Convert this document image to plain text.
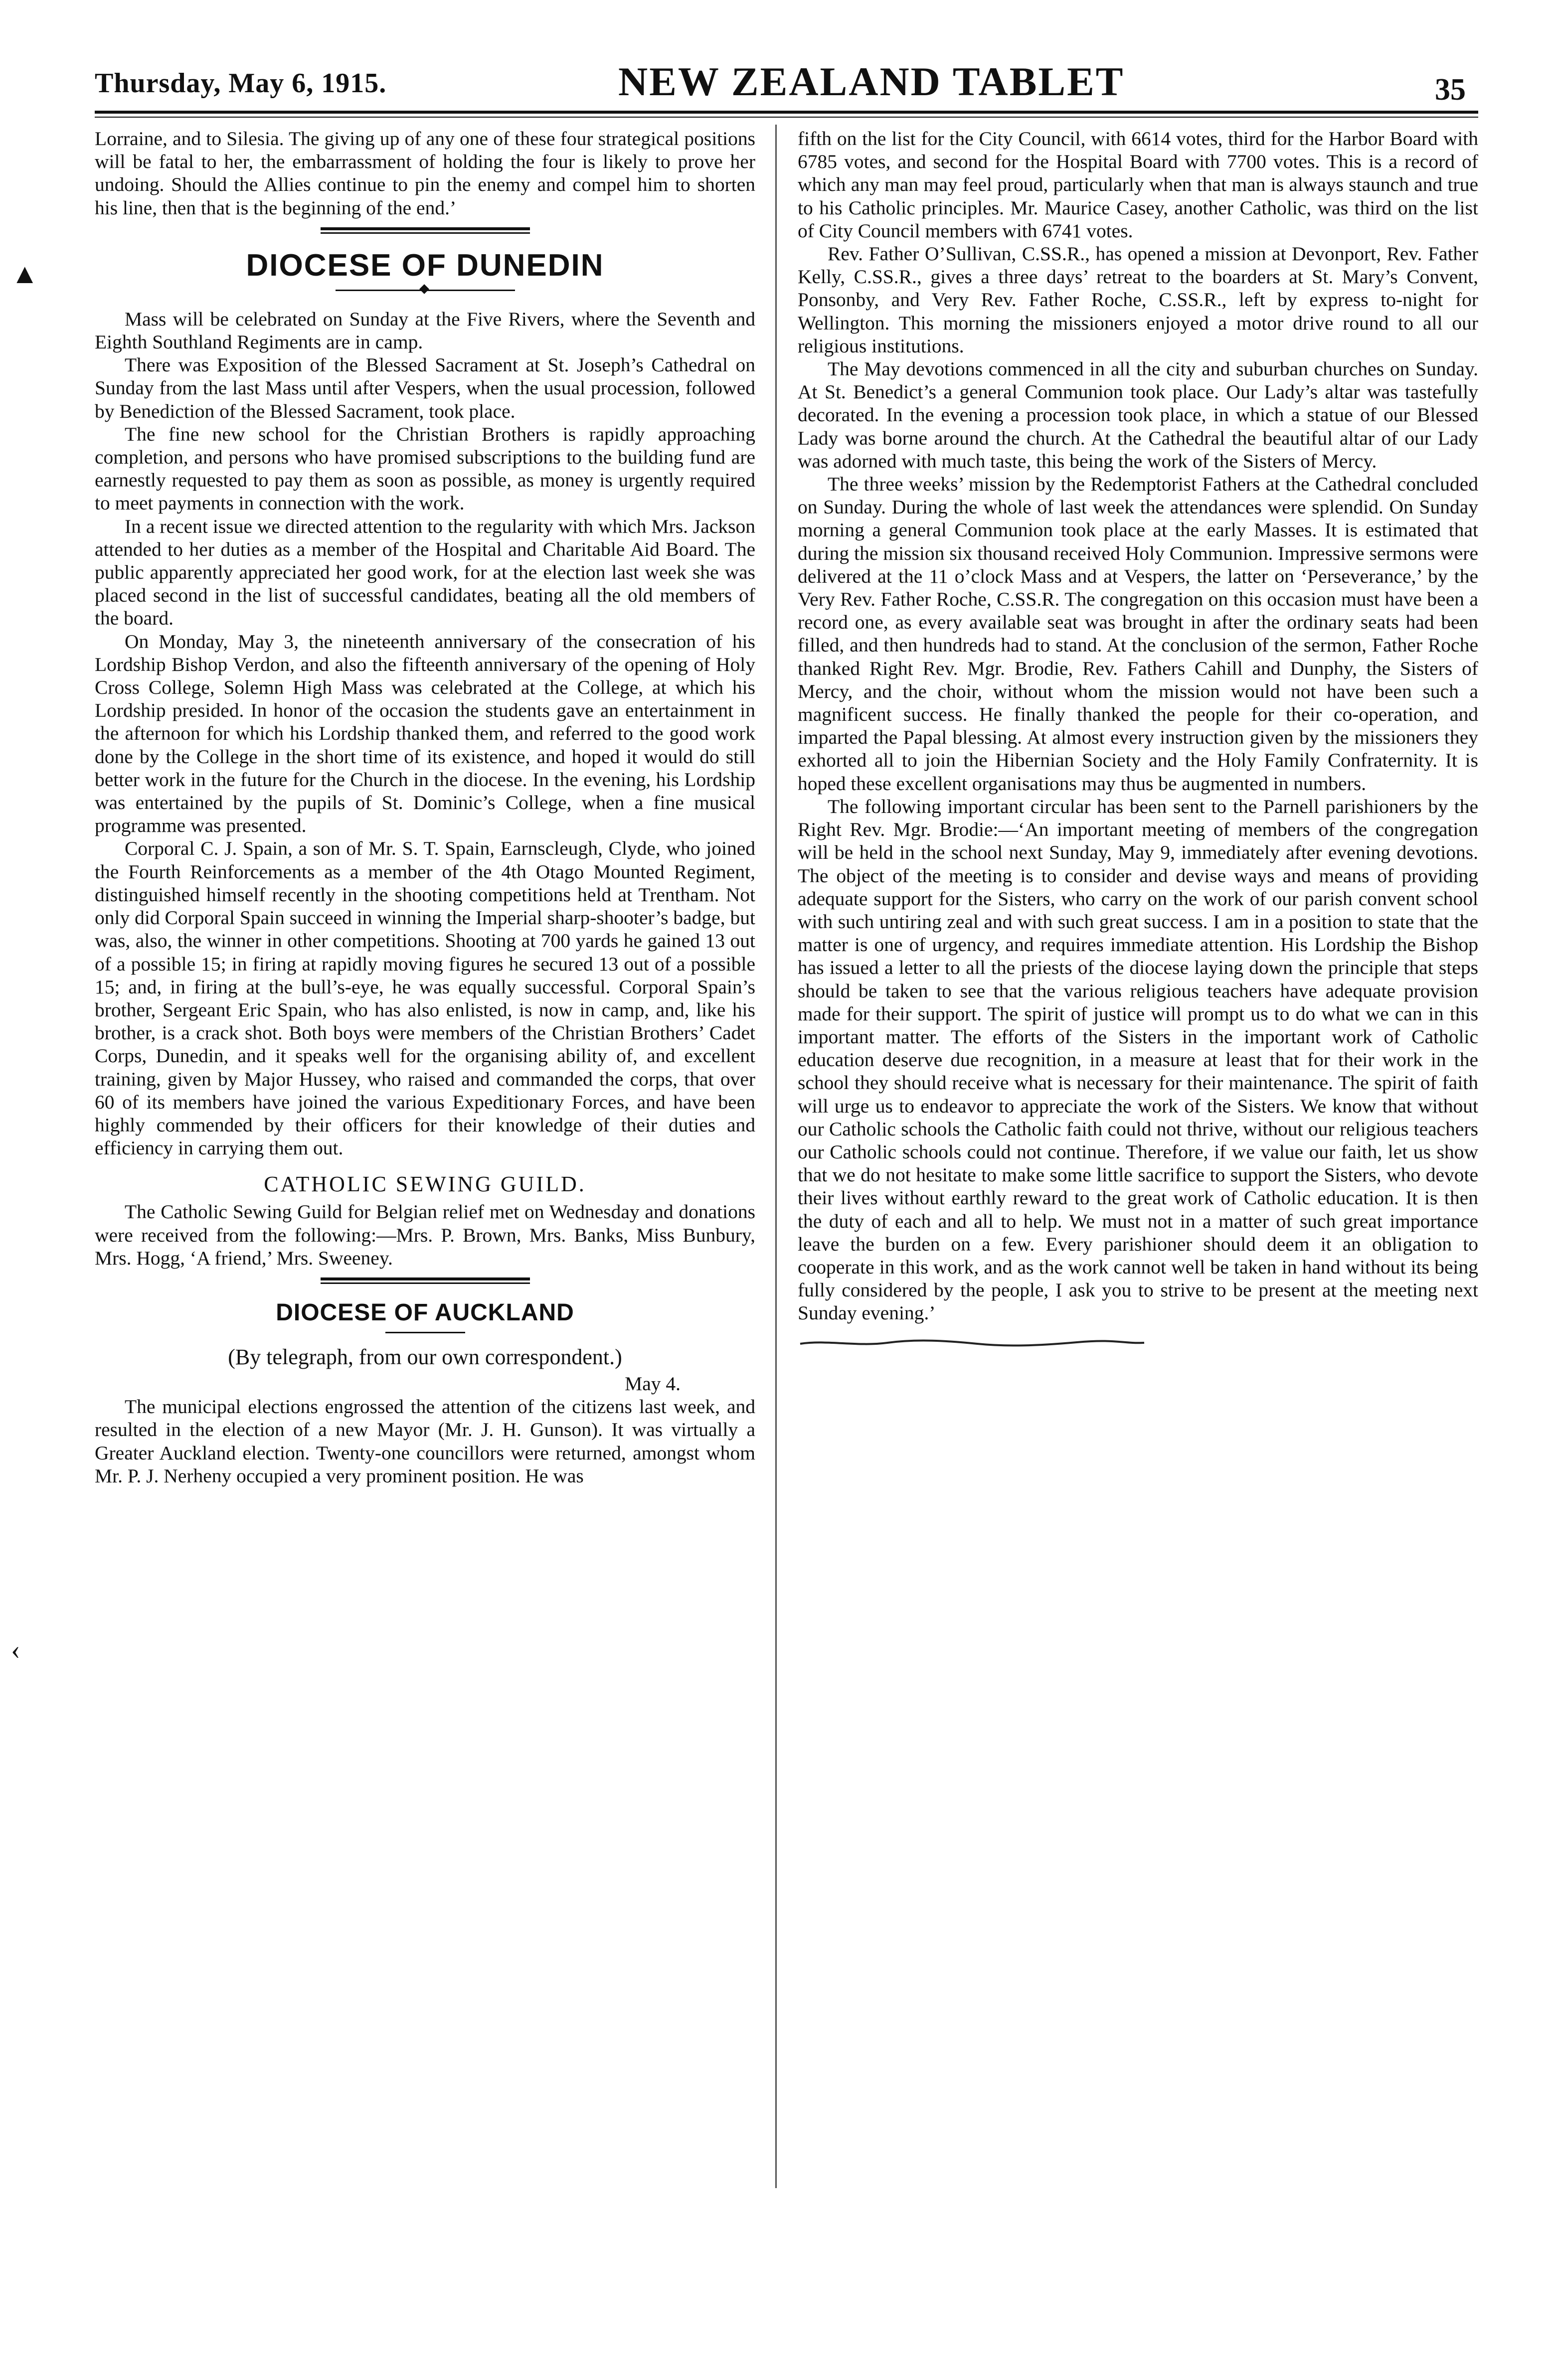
Thursday, May 6, 1915.	NEW ZEALAND TABLET	35
▲
‹

Lorraine, and to Silesia. The giving up of any one of these four strategical positions will be fatal to her, the embarrassment of holding the four is likely to prove her undoing. Should the Allies continue to pin the enemy and compel him to shorten his line, then that is the beginning of the end.’

DIOCESE OF DUNEDIN

Mass will be celebrated on Sunday at the Five Rivers, where the Seventh and Eighth Southland Regiments are in camp.

There was Exposition of the Blessed Sacrament at St. Joseph’s Cathedral on Sunday from the last Mass until after Vespers, when the usual procession, followed by Benediction of the Blessed Sacrament, took place.

The fine new school for the Christian Brothers is rapidly approaching completion, and persons who have promised subscriptions to the building fund are earnestly requested to pay them as soon as possible, as money is urgently required to meet payments in connection with the work.

In a recent issue we directed attention to the regularity with which Mrs. Jackson attended to her duties as a member of the Hospital and Charitable Aid Board. The public apparently appreciated her good work, for at the election last week she was placed second in the list of successful candidates, beating all the old members of the board.

On Monday, May 3, the nineteenth anniversary of the consecration of his Lordship Bishop Verdon, and also the fifteenth anniversary of the opening of Holy Cross College, Solemn High Mass was celebrated at the College, at which his Lordship presided. In honor of the occasion the students gave an entertainment in the afternoon for which his Lordship thanked them, and referred to the good work done by the College in the short time of its existence, and hoped it would do still better work in the future for the Church in the diocese. In the evening, his Lordship was entertained by the pupils of St. Dominic’s College, when a fine musical programme was presented.

Corporal C. J. Spain, a son of Mr. S. T. Spain, Earnscleugh, Clyde, who joined the Fourth Reinforcements as a member of the 4th Otago Mounted Regiment, distinguished himself recently in the shooting competitions held at Trentham. Not only did Corporal Spain succeed in winning the Imperial sharp-shooter’s badge, but was, also, the winner in other competitions. Shooting at 700 yards he gained 13 out of a possible 15; in firing at rapidly moving figures he secured 13 out of a possible 15; and, in firing at the bull’s-eye, he was equally successful. Corporal Spain’s brother, Sergeant Eric Spain, who has also enlisted, is now in camp, and, like his brother, is a crack shot. Both boys were members of the Christian Brothers’ Cadet Corps, Dunedin, and it speaks well for the organising ability of, and excellent training, given by Major Hussey, who raised and commanded the corps, that over 60 of its members have joined the various Expeditionary Forces, and have been highly commended by their officers for their knowledge of their duties and efficiency in carrying them out.

CATHOLIC SEWING GUILD.

The Catholic Sewing Guild for Belgian relief met on Wednesday and donations were received from the following:—Mrs. P. Brown, Mrs. Banks, Miss Bunbury, Mrs. Hogg, ‘A friend,’ Mrs. Sweeney.

DIOCESE OF AUCKLAND
(By telegraph, from our own correspondent.)

May 4.

The municipal elections engrossed the attention of the citizens last week, and resulted in the election of a new Mayor (Mr. J. H. Gunson). It was virtually a Greater Auckland election. Twenty-one councillors were returned, amongst whom Mr. P. J. Nerheny occupied a very prominent position. He was

fifth on the list for the City Council, with 6614 votes, third for the Harbor Board with 6785 votes, and second for the Hospital Board with 7700 votes. This is a record of which any man may feel proud, particularly when that man is always staunch and true to his Catholic principles. Mr. Maurice Casey, another Catholic, was third on the list of City Council members with 6741 votes.

Rev. Father O’Sullivan, C.SS.R., has opened a mission at Devonport, Rev. Father Kelly, C.SS.R., gives a three days’ retreat to the boarders at St. Mary’s Convent, Ponsonby, and Very Rev. Father Roche, C.SS.R., left by express to-night for Wellington. This morning the missioners enjoyed a motor drive round to all our religious institutions.

The May devotions commenced in all the city and suburban churches on Sunday. At St. Benedict’s a general Communion took place. Our Lady’s altar was tastefully decorated. In the evening a procession took place, in which a statue of our Blessed Lady was borne around the church. At the Cathedral the beautiful altar of our Lady was adorned with much taste, this being the work of the Sisters of Mercy.

The three weeks’ mission by the Redemptorist Fathers at the Cathedral concluded on Sunday. During the whole of last week the attendances were splendid. On Sunday morning a general Communion took place at the early Masses. It is estimated that during the mission six thousand received Holy Communion. Impressive sermons were delivered at the 11 o’clock Mass and at Vespers, the latter on ‘Perseverance,’ by the Very Rev. Father Roche, C.SS.R. The congregation on this occasion must have been a record one, as every available seat was brought in after the ordinary seats had been filled, and then hundreds had to stand. At the conclusion of the sermon, Father Roche thanked Right Rev. Mgr. Brodie, Rev. Fathers Cahill and Dunphy, the Sisters of Mercy, and the choir, without whom the mission would not have been such a magnificent success. He finally thanked the people for their co-operation, and imparted the Papal blessing. At almost every instruction given by the missioners they exhorted all to join the Hibernian Society and the Holy Family Confraternity. It is hoped these excellent organisations may thus be augmented in numbers.

The following important circular has been sent to the Parnell parishioners by the Right Rev. Mgr. Brodie:—‘An important meeting of members of the congregation will be held in the school next Sunday, May 9, immediately after evening devotions. The object of the meeting is to consider and devise ways and means of providing adequate support for the Sisters, who carry on the work of our parish convent school with such untiring zeal and with such great success. I am in a position to state that the matter is one of urgency, and requires immediate attention. His Lordship the Bishop has issued a letter to all the priests of the diocese laying down the principle that steps should be taken to see that the various religious teachers have adequate provision made for their support. The spirit of justice will prompt us to do what we can in this important matter. The efforts of the Sisters in the important work of Catholic education deserve due recognition, in a measure at least that for their work in the school they should receive what is necessary for their maintenance. The spirit of faith will urge us to endeavor to appreciate the work of the Sisters. We know that without our Catholic schools the Catholic faith could not thrive, without our religious teachers our Catholic schools could not continue. Therefore, if we value our faith, let us show that we do not hesitate to make some little sacrifice to support the Sisters, who devote their lives without earthly reward to the great work of Catholic education. It is then the duty of each and all to help. We must not in a matter of such great importance leave the burden on a few. Every parishioner should deem it an obligation to cooperate in this work, and as the work cannot well be taken in hand without its being fully considered by the people, I ask you to strive to be present at the meeting next Sunday evening.’
